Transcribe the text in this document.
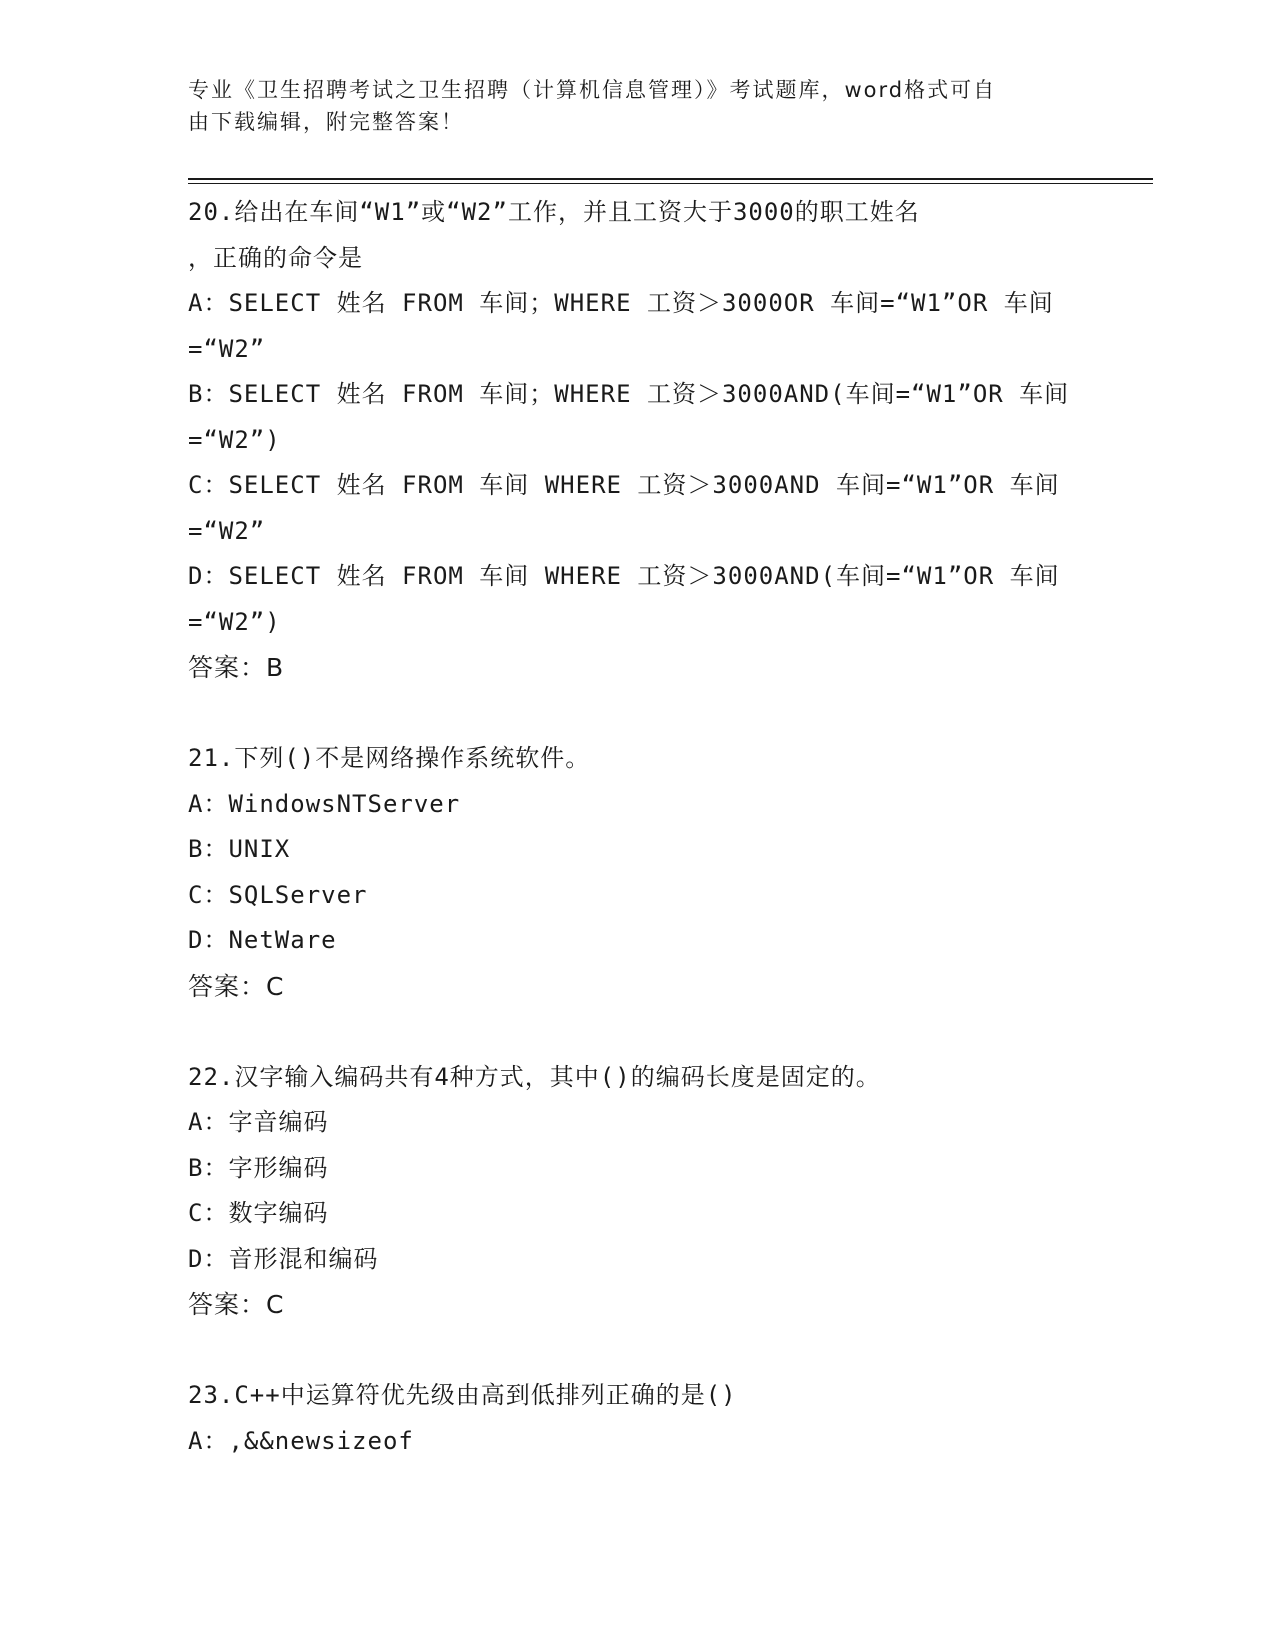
专业《卫生招聘考试之卫生招聘（计算机信息管理）》考试题库，word格式可自
由下载编辑，附完整答案！
20.给出在车间“W1”或“W2”工作，并且工资大于3000的职工姓名
，正确的命令是
A：SELECT 姓名 FROM 车间；WHERE 工资＞3000OR 车间=“W1”OR 车间
=“W2”
B：SELECT 姓名 FROM 车间；WHERE 工资＞3000AND(车间=“W1”OR 车间
=“W2”)
C：SELECT 姓名 FROM 车间 WHERE 工资＞3000AND 车间=“W1”OR 车间
=“W2”
D：SELECT 姓名 FROM 车间 WHERE 工资＞3000AND(车间=“W1”OR 车间
=“W2”)
答案：B
21.下列()不是网络操作系统软件。
A：WindowsNTServer
B：UNIX
C：SQLServer
D：NetWare
答案：C
22.汉字输入编码共有4种方式，其中()的编码长度是固定的。
A：字音编码
B：字形编码
C：数字编码
D：音形混和编码
答案：C
23.C++中运算符优先级由高到低排列正确的是()
A：,&&newsizeof
